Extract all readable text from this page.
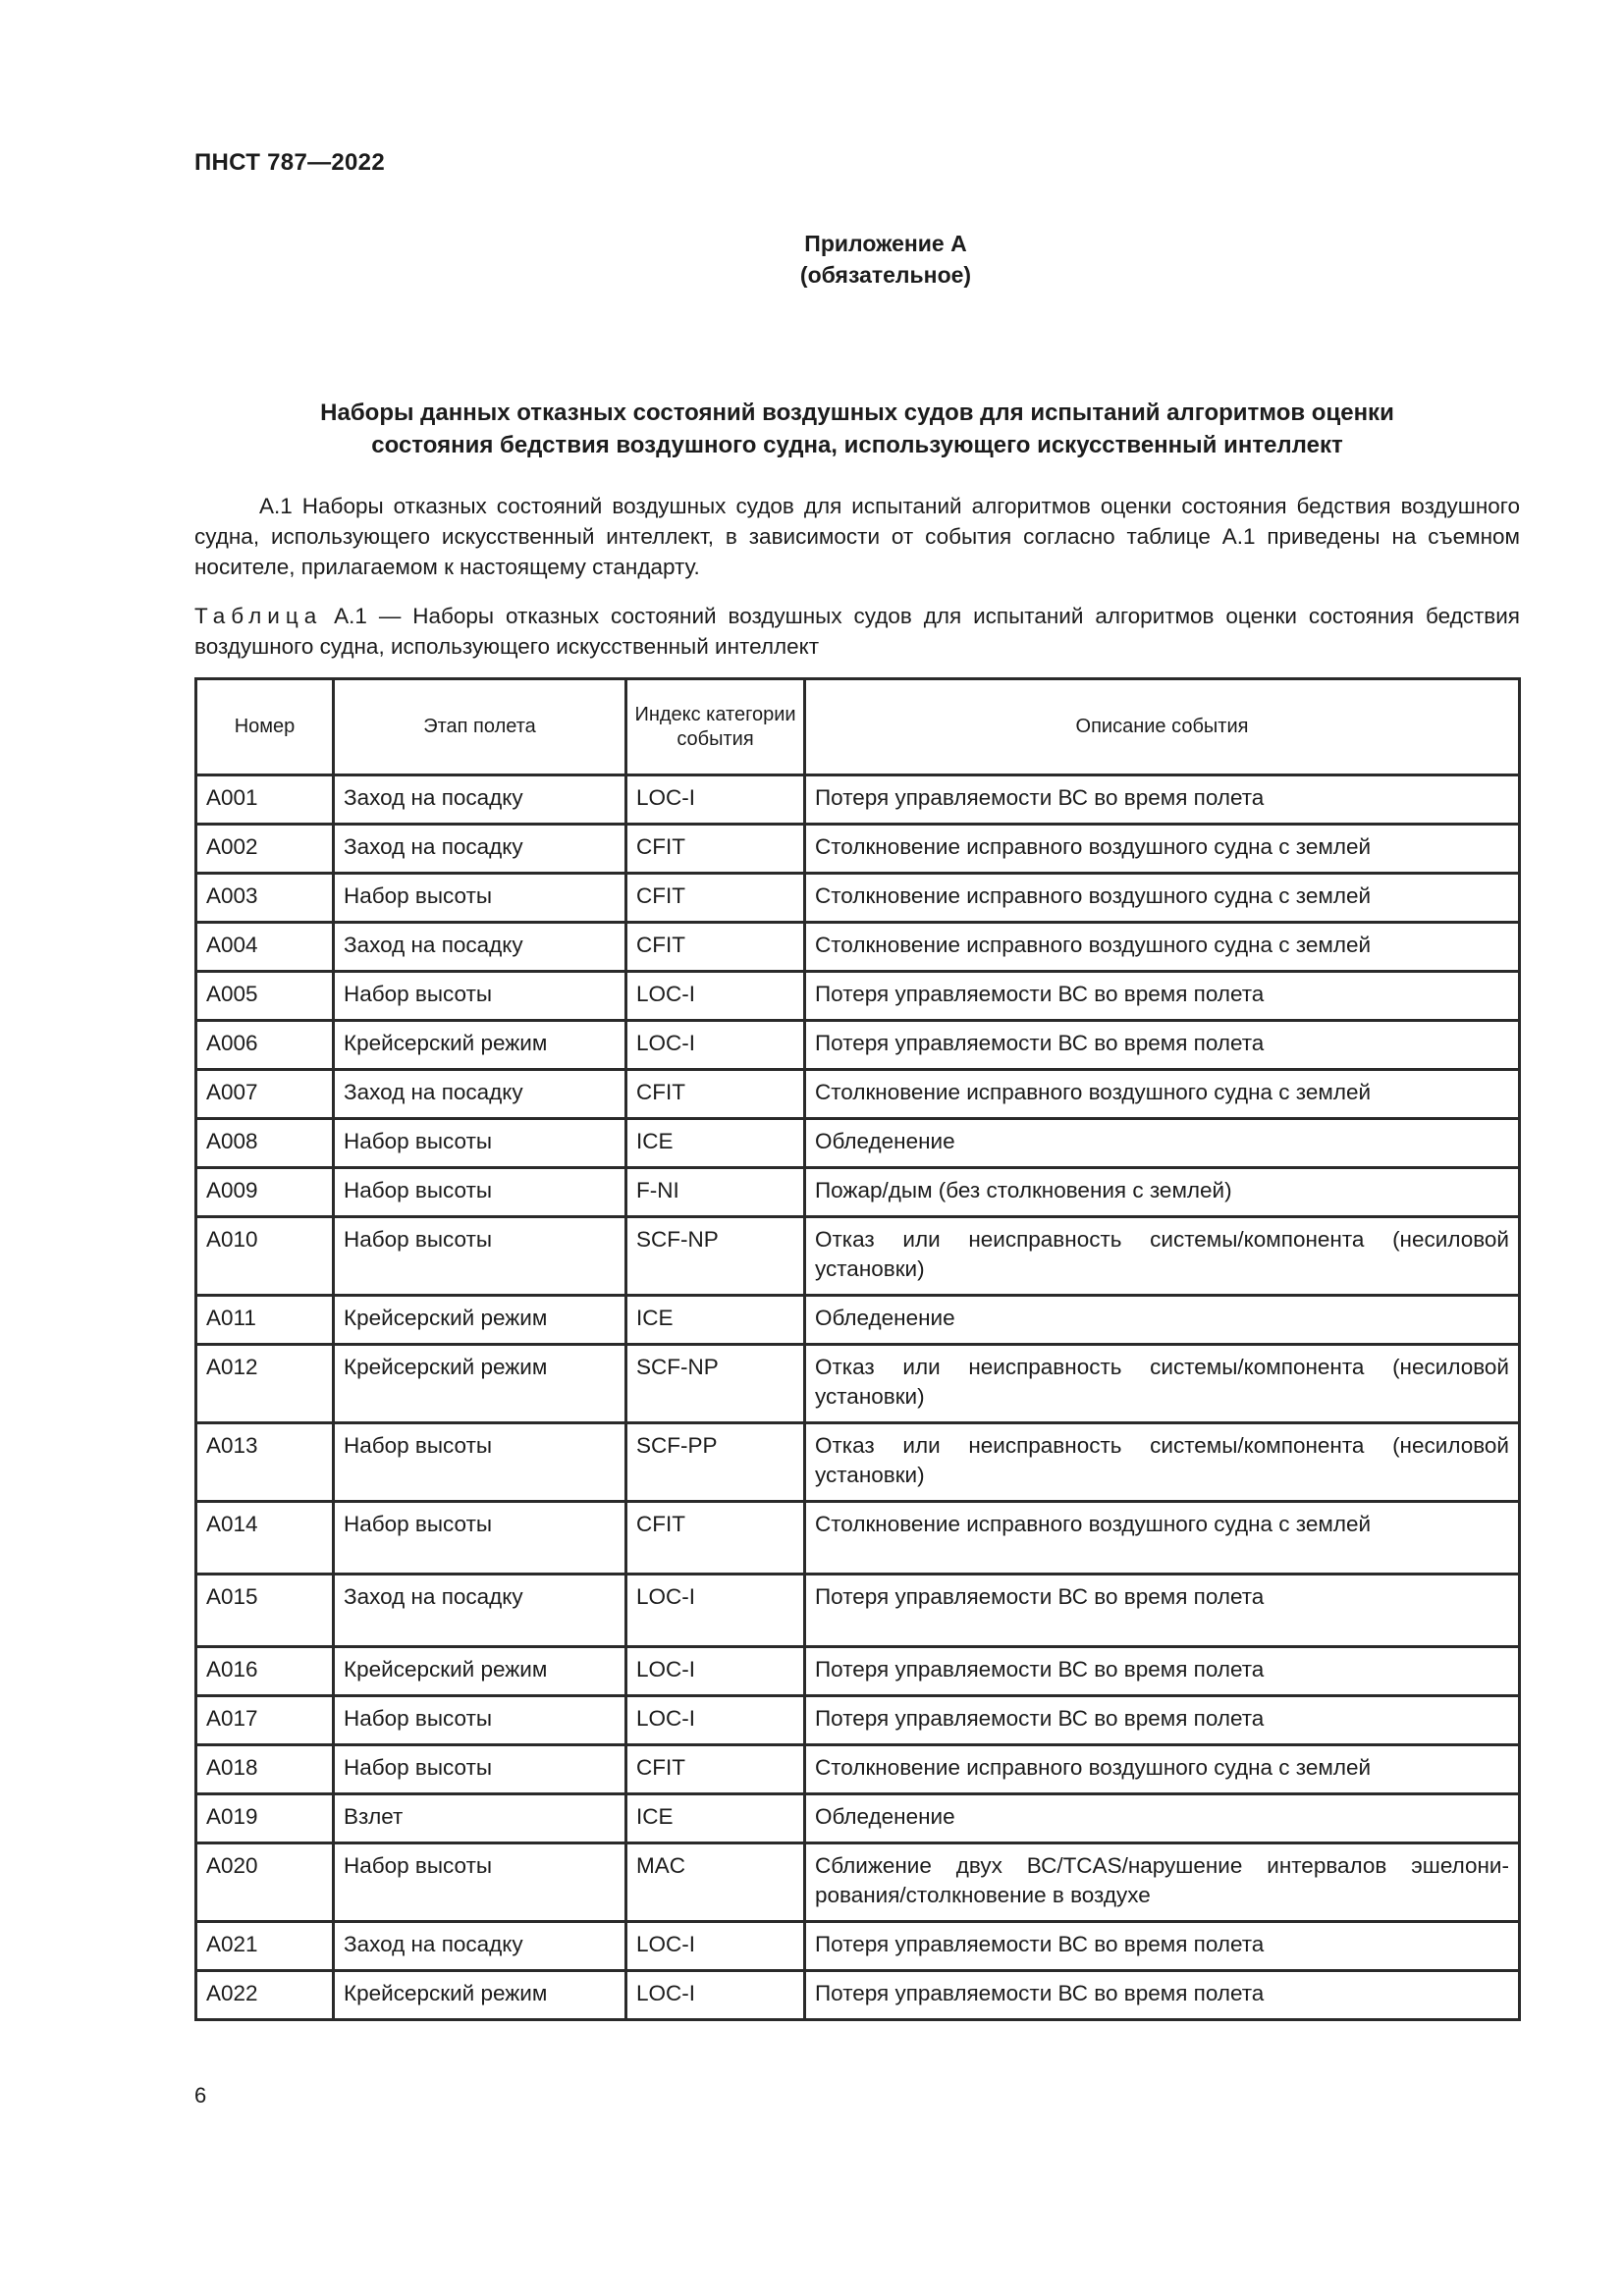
ПНСТ 787—2022
Приложение А
(обязательное)
Наборы данных отказных состояний воздушных судов для испытаний алгоритмов оценки
состояния бедствия воздушного судна, использующего искусственный интеллект
А.1 Наборы отказных состояний воздушных судов для испытаний алгоритмов оценки состояния бедствия воздушного судна, использующего искусственный интеллект, в зависимости от события согласно таблице А.1 приведены на съемном носителе, прилагаемом к настоящему стандарту.
Таблица А.1 — Наборы отказных состояний воздушных судов для испытаний алгоритмов оценки состояния бедствия воздушного судна, использующего искусственный интеллект
Номер	Этап полета	Индекс категории события	Описание события
А001	Заход на посадку	LOC-I	Потеря управляемости ВС во время полета
А002	Заход на посадку	CFIT	Столкновение исправного воздушного судна с землей
А003	Набор высоты	CFIT	Столкновение исправного воздушного судна с землей
А004	Заход на посадку	CFIT	Столкновение исправного воздушного судна с землей
А005	Набор высоты	LOC-I	Потеря управляемости ВС во время полета
А006	Крейсерский режим	LOC-I	Потеря управляемости ВС во время полета
А007	Заход на посадку	CFIT	Столкновение исправного воздушного судна с землей
А008	Набор высоты	ICE	Обледенение
А009	Набор высоты	F-NI	Пожар/дым (без столкновения с землей)
А010	Набор высоты	SCF-NP	Отказ или неисправность системы/компонента (несиловой установки)
А011	Крейсерский режим	ICE	Обледенение
А012	Крейсерский режим	SCF-NP	Отказ или неисправность системы/компонента (несиловой установки)
А013	Набор высоты	SCF-PP	Отказ или неисправность системы/компонента (несиловой установки)
А014	Набор высоты	CFIT	Столкновение исправного воздушного судна с землей
А015	Заход на посадку	LOC-I	Потеря управляемости ВС во время полета
А016	Крейсерский режим	LOC-I	Потеря управляемости ВС во время полета
А017	Набор высоты	LOC-I	Потеря управляемости ВС во время полета
А018	Набор высоты	CFIT	Столкновение исправного воздушного судна с землей
А019	Взлет	ICE	Обледенение
А020	Набор высоты	MAC	Сближение двух ВС/TCAS/нарушение интервалов эшелонирования/столкновение в воздухе
А021	Заход на посадку	LOC-I	Потеря управляемости ВС во время полета
А022	Крейсерский режим	LOC-I	Потеря управляемости ВС во время полета
6
